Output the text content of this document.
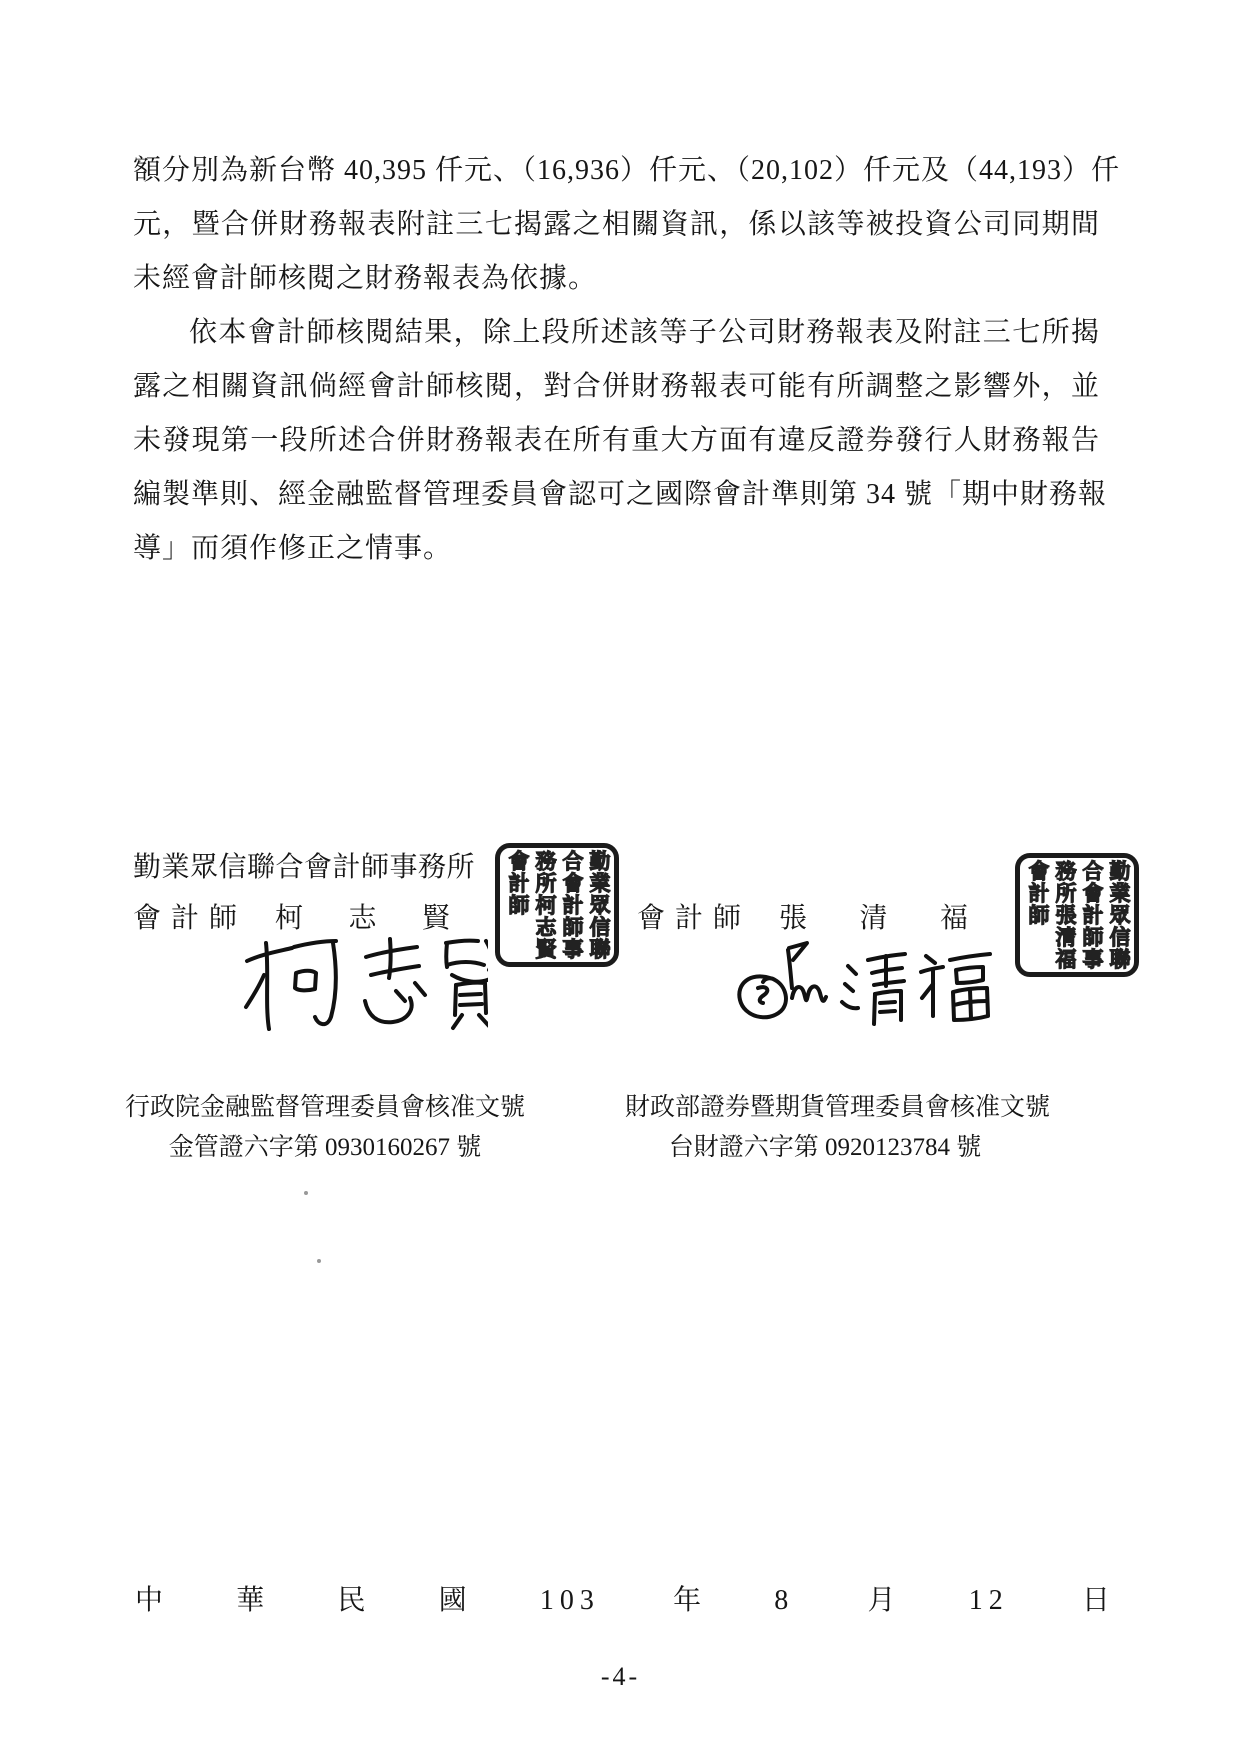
額分別為新台幣 40,395 仟元、（16,936）仟元、（20,102）仟元及（44,193）仟
元，暨合併財務報表附註三七揭露之相關資訊，係以該等被投資公司同期間
未經會計師核閱之財務報表為依據。
依本會計師核閱結果，除上段所述該等子公司財務報表及附註三七所揭
露之相關資訊倘經會計師核閱，對合併財務報表可能有所調整之影響外，並
未發現第一段所述合併財務報表在所有重大方面有違反證券發行人財務報告
編製準則、經金融監督管理委員會認可之國際會計準則第 34 號「期中財務報
導」而須作修正之情事。
勤業眾信聯合會計師事務所
會計師 柯 志 賢	會計師 張 清 福
勤業眾信聯合會計師事務所柯志賢會計師	勤業眾信聯合會計師事務所張清福會計師
行政院金融監督管理委員會核准文號
金管證六字第 0930160267 號
財政部證券暨期貨管理委員會核准文號
台財證六字第 0920123784 號
中	華	民	國	103	年	8	月	12	日
-4-
